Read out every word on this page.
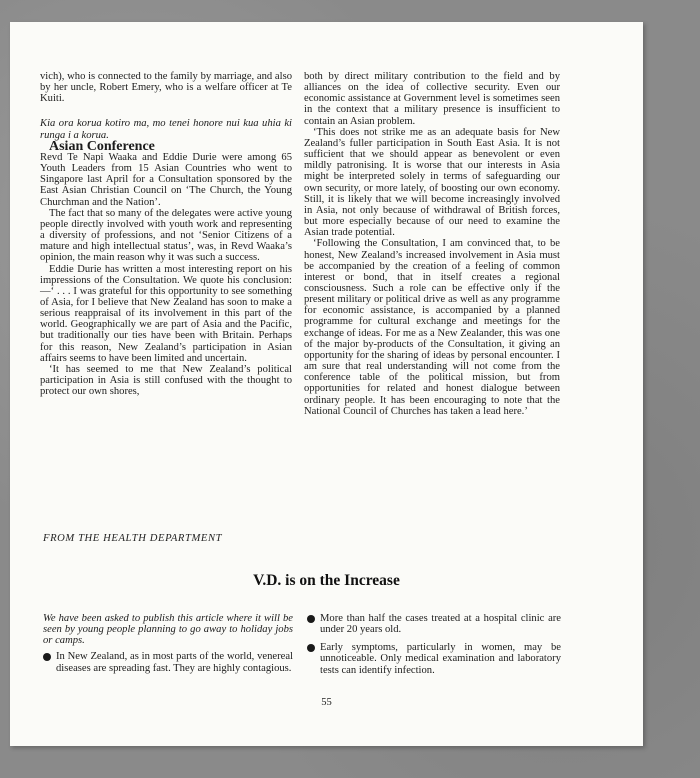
vich), who is connected to the family by marriage, and also by her uncle, Robert Emery, who is a welfare officer at Te Kuiti.

Kia ora korua kotiro ma, mo tenei honore nui kua uhia ki runga i a korua.

Asian Conference

Revd Te Napi Waaka and Eddie Durie were among 65 Youth Leaders from 15 Asian Countries who went to Singapore last April for a Consultation sponsored by the East Asian Christian Council on ‘The Church, the Young Churchman and the Nation’.

The fact that so many of the delegates were active young people directly involved with youth work and representing a diversity of professions, and not ‘Senior Citizens of a mature and high intellectual status’, was, in Revd Waaka’s opinion, the main reason why it was such a success.

Eddie Durie has written a most interesting report on his impressions of the Consultation. We quote his conclusion:—‘ . . . I was grateful for this opportunity to see something of Asia, for I believe that New Zealand has soon to make a serious reappraisal of its involvement in this part of the world. Geographically we are part of Asia and the Pacific, but traditionally our ties have been with Britain. Perhaps for this reason, New Zealand’s participation in Asian affairs seems to have been limited and uncertain.

‘It has seemed to me that New Zealand’s political participation in Asia is still confused with the thought to protect our own shores,

both by direct military contribution to the field and by alliances on the idea of collective security. Even our economic assistance at Government level is sometimes seen in the context that a military presence is insufficient to contain an Asian problem.

‘This does not strike me as an adequate basis for New Zealand’s fuller participation in South East Asia. It is not sufficient that we should appear as benevolent or even mildly patronising. It is worse that our interests in Asia might be interpreted solely in terms of safeguarding our own security, or more lately, of boosting our own economy. Still, it is likely that we will become increasingly involved in Asia, not only because of withdrawal of British forces, but more especially because of our need to examine the Asian trade potential.

‘Following the Consultation, I am convinced that, to be honest, New Zealand’s increased involvement in Asia must be accompanied by the creation of a feeling of common interest or bond, that in itself creates a regional consciousness. Such a role can be effective only if the present military or political drive as well as any programme for economic assistance, is accompanied by a planned programme for cultural exchange and meetings for the exchange of ideas. For me as a New Zealander, this was one of the major by-products of the Consultation, it giving an opportunity for the sharing of ideas by personal encounter. I am sure that real understanding will not come from the conference table of the political mission, but from opportunities for related and honest dialogue between ordinary people. It has been encouraging to note that the National Council of Churches has taken a lead here.’

FROM THE HEALTH DEPARTMENT
V.D. is on the Increase

We have been asked to publish this article where it will be seen by young people planning to go away to holiday jobs or camps.

In New Zealand, as in most parts of the world, venereal diseases are spreading fast. They are highly contagious.

More than half the cases treated at a hospital clinic are under 20 years old.

Early symptoms, particularly in women, may be unnoticeable. Only medical examination and laboratory tests can identify infection.

55
